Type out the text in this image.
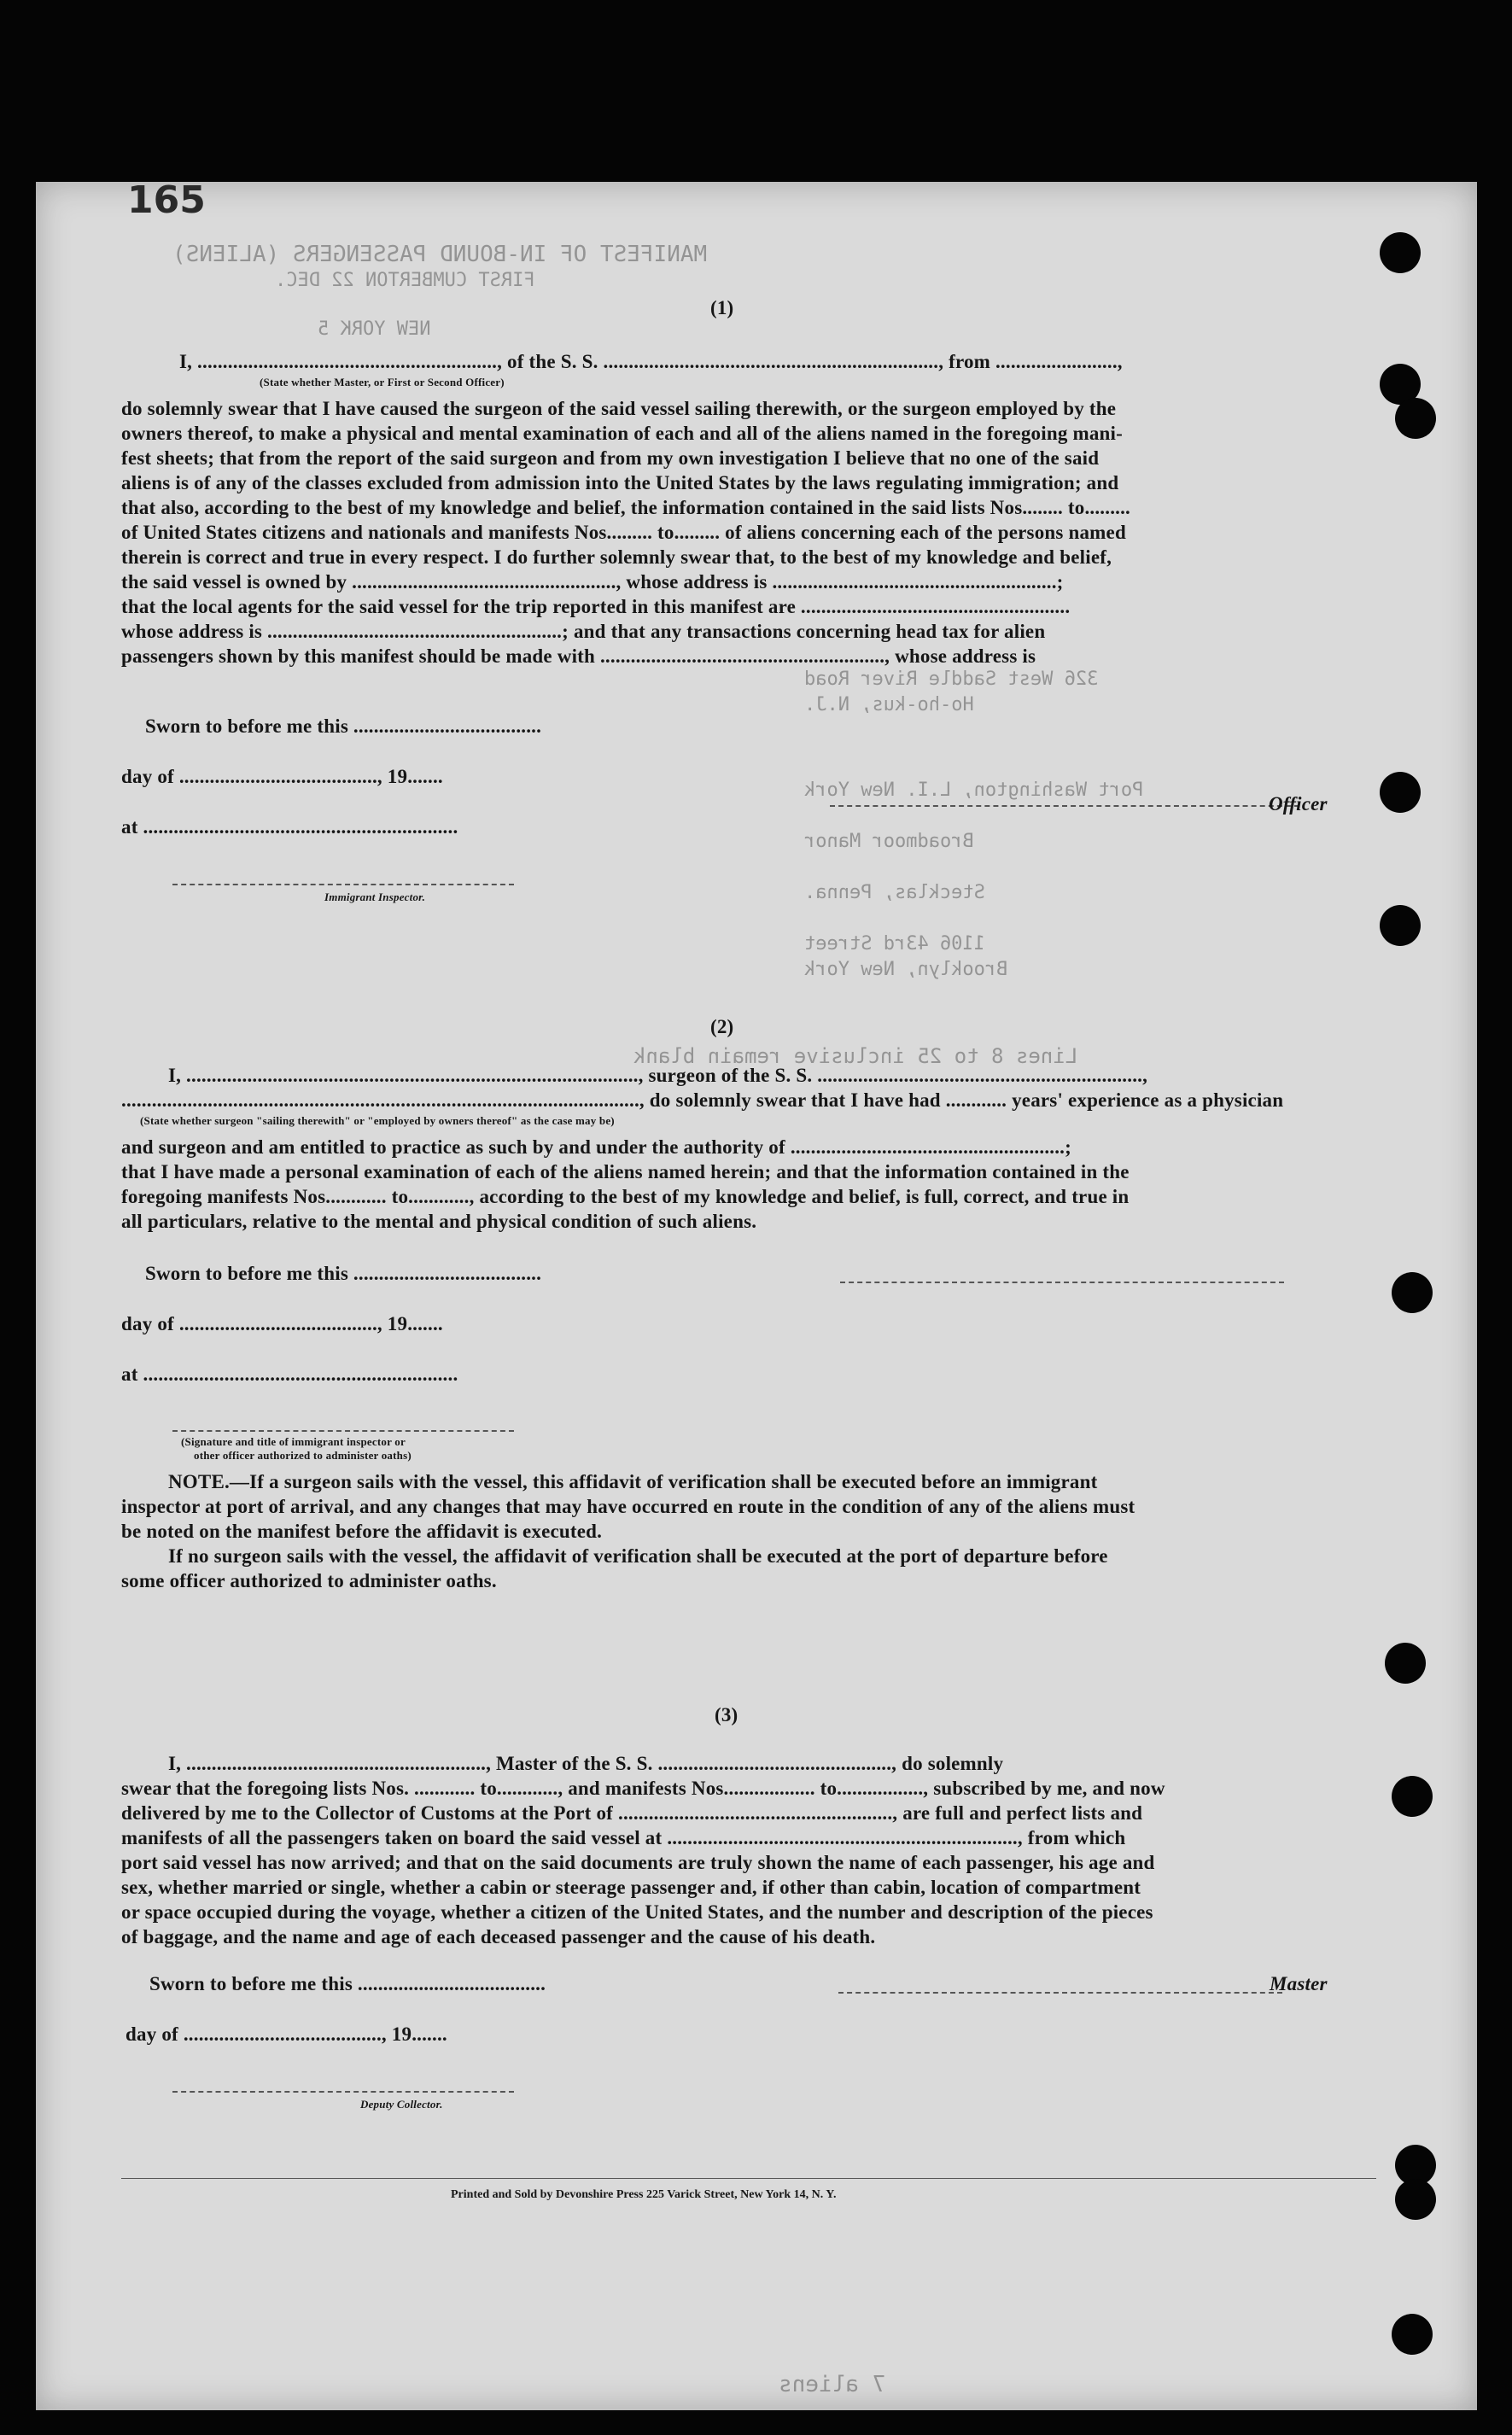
165
MANIFEST OF IN-BOUND PASSENGERS (ALIENS)
FIRST CUMBERTON 22 DEC.
NEW YORK 5
326 West Saddle River Road
Ho-ho-kus, N.J.
Port Washington, L.I. New York
Broadmoor Manor
Stecklas, Penna.
1106 43rd Street
Brooklyn, New York
Lines 8 to 25 inclusive remain blank
7 aliens
(1)
I, ..........................................................., of the S. S. .................................................................., from ........................,
(State whether Master, or First or Second Officer)
do solemnly swear that I have caused the surgeon of the said vessel sailing therewith, or the surgeon employed by the
owners thereof, to make a physical and mental examination of each and all of the aliens named in the foregoing mani-
fest sheets; that from the report of the said surgeon and from my own investigation I believe that no one of the said
aliens is of any of the classes excluded from admission into the United States by the laws regulating immigration; and
that also, according to the best of my knowledge and belief, the information contained in the said lists Nos........ to.........
of United States citizens and nationals and manifests Nos......... to......... of aliens concerning each of the persons named
therein is correct and true in every respect. I do further solemnly swear that, to the best of my knowledge and belief,
the said vessel is owned by ...................................................., whose address is ........................................................;
that the local agents for the said vessel for the trip reported in this manifest are .....................................................
whose address is ..........................................................; and that any transactions concerning head tax for alien
passengers shown by this manifest should be made with ........................................................, whose address is
Sworn to before me this .....................................
day of ......................................., 19.......
at ..............................................................
Immigrant Inspector.
Officer
(2)
I, ........................................................................................., surgeon of the S. S. ................................................................,
......................................................................................................, do solemnly swear that I have had ............ years' experience as a physician
(State whether surgeon "sailing therewith" or "employed by owners thereof" as the case may be)
and surgeon and am entitled to practice as such by and under the authority of ......................................................;
that I have made a personal examination of each of the aliens named herein; and that the information contained in the
foregoing manifests Nos............ to............, according to the best of my knowledge and belief, is full, correct, and true in
all particulars, relative to the mental and physical condition of such aliens.
Sworn to before me this .....................................
day of ......................................., 19.......
at ..............................................................
(Signature and title of immigrant inspector or
other officer authorized to administer oaths)
NOTE.—If a surgeon sails with the vessel, this affidavit of verification shall be executed before an immigrant
inspector at port of arrival, and any changes that may have occurred en route in the condition of any of the aliens must
be noted on the manifest before the affidavit is executed.
If no surgeon sails with the vessel, the affidavit of verification shall be executed at the port of departure before
some officer authorized to administer oaths.
(3)
I, ..........................................................., Master of the S. S. .............................................., do solemnly
swear that the foregoing lists Nos. ............ to............, and manifests Nos.................. to................., subscribed by me, and now
delivered by me to the Collector of Customs at the Port of ......................................................, are full and perfect lists and
manifests of all the passengers taken on board the said vessel at ....................................................................., from which
port said vessel has now arrived; and that on the said documents are truly shown the name of each passenger, his age and
sex, whether married or single, whether a cabin or steerage passenger and, if other than cabin, location of compartment
or space occupied during the voyage, whether a citizen of the United States, and the number and description of the pieces
of baggage, and the name and age of each deceased passenger and the cause of his death.
Sworn to before me this .....................................	Master
day of ......................................., 19.......
Deputy Collector.
Printed and Sold by Devonshire Press 225 Varick Street, New York 14, N. Y.
